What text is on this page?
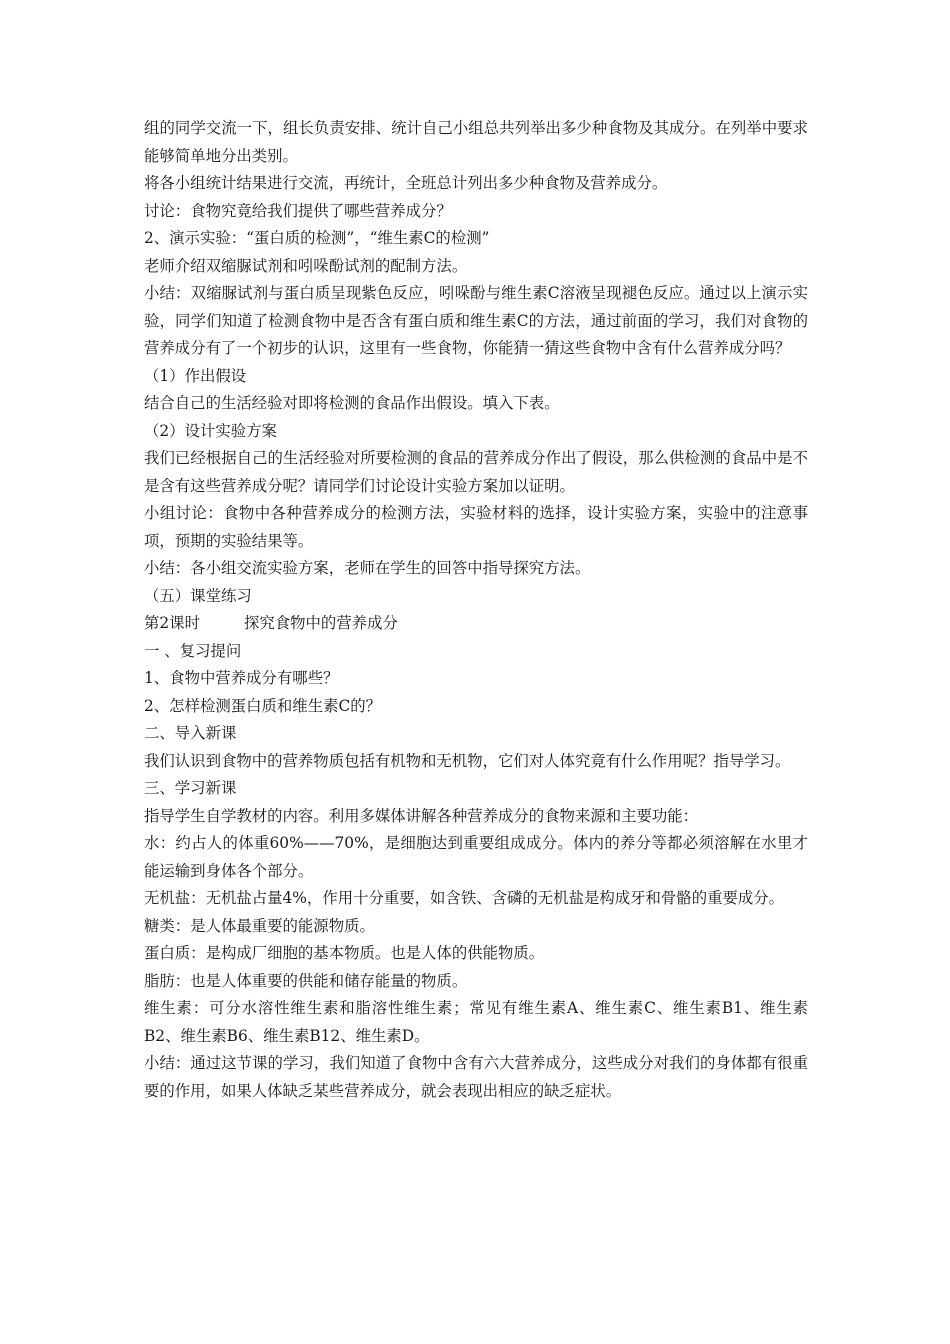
组的同学交流一下，组长负责安排、统计自己小组总共列举出多少种食物及其成分。在列举中要求能够简单地分出类别。

将各小组统计结果进行交流，再统计，全班总计列出多少种食物及营养成分。

讨论：食物究竟给我们提供了哪些营养成分？

2、演示实验：“蛋白质的检测”，“维生素C的检测”

老师介绍双缩脲试剂和吲哚酚试剂的配制方法。

小结：双缩脲试剂与蛋白质呈现紫色反应，吲哚酚与维生素C溶液呈现褪色反应。通过以上演示实验，同学们知道了检测食物中是否含有蛋白质和维生素C的方法，通过前面的学习，我们对食物的营养成分有了一个初步的认识，这里有一些食物，你能猜一猜这些食物中含有什么营养成分吗？

（1）作出假设

结合自己的生活经验对即将检测的食品作出假设。填入下表。

（2）设计实验方案

我们已经根据自己的生活经验对所要检测的食品的营养成分作出了假设，那么供检测的食品中是不是含有这些营养成分呢？请同学们讨论设计实验方案加以证明。

小组讨论：食物中各种营养成分的检测方法，实验材料的选择，设计实验方案，实验中的注意事项，预期的实验结果等。

小结：各小组交流实验方案，老师在学生的回答中指导探究方法。

（五）课堂练习

第2课时	探究食物中的营养成分

一 、复习提问

1、食物中营养成分有哪些？

2、怎样检测蛋白质和维生素C的？

二、导入新课

我们认识到食物中的营养物质包括有机物和无机物，它们对人体究竟有什么作用呢？指导学习。

三、学习新课

指导学生自学教材的内容。利用多媒体讲解各种营养成分的食物来源和主要功能：

水：约占人的体重60%——70%，是细胞达到重要组成成分。体内的养分等都必须溶解在水里才能运输到身体各个部分。

无机盐：无机盐占量4%，作用十分重要，如含铁、含磷的无机盐是构成牙和骨骼的重要成分。

糖类：是人体最重要的能源物质。

蛋白质：是构成厂细胞的基本物质。也是人体的供能物质。

脂肪：也是人体重要的供能和储存能量的物质。

维生素：可分水溶性维生素和脂溶性维生素；常见有维生素A、维生素C、维生素B1、维生素B2、维生素B6、维生素B12、维生素D。

小结：通过这节课的学习，我们知道了食物中含有六大营养成分，这些成分对我们的身体都有很重要的作用，如果人体缺乏某些营养成分，就会表现出相应的缺乏症状。
